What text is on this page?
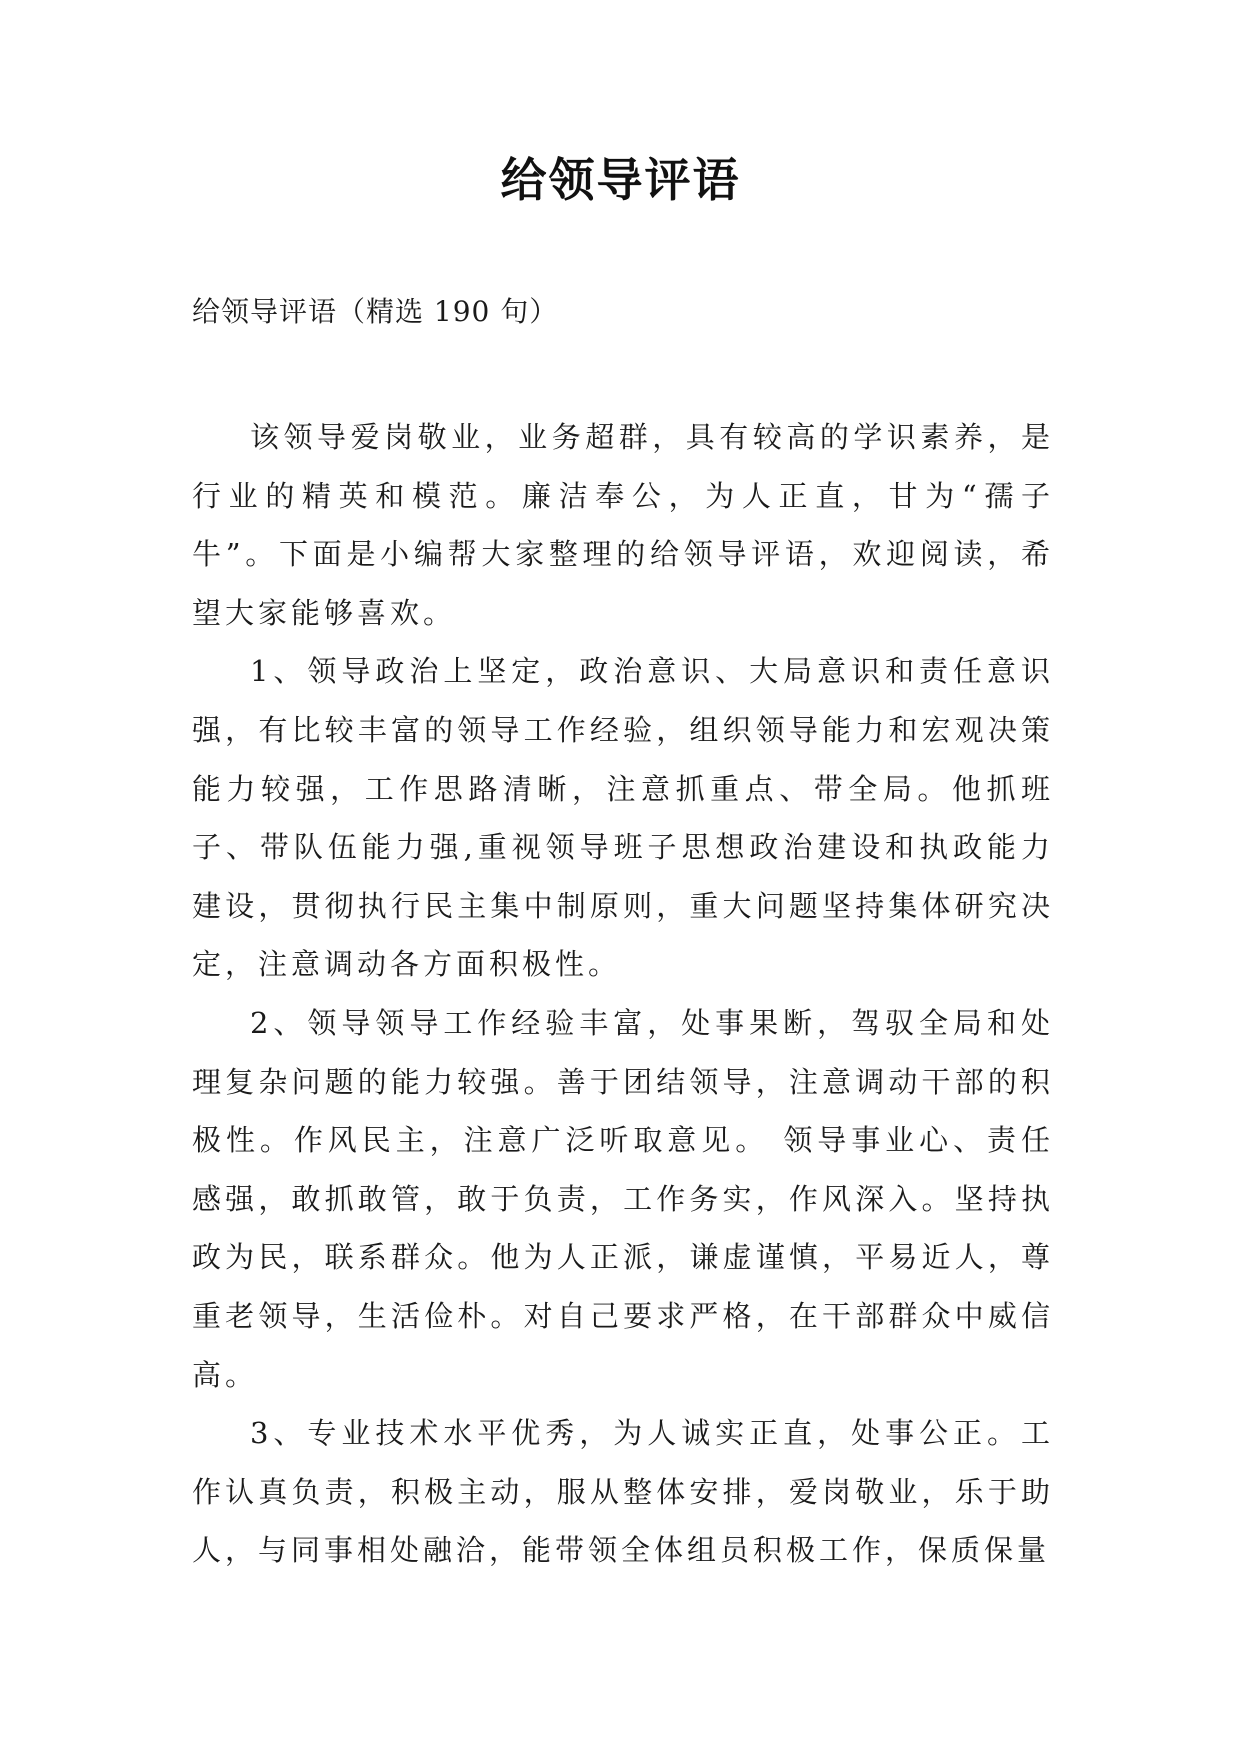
给领导评语
给领导评语（精选 190 句）

该领导爱岗敬业，业务超群，具有较高的学识素养，是行业的精英和模范。廉洁奉公，为人正直，甘为“孺子牛”。下面是小编帮大家整理的给领导评语，欢迎阅读，希望大家能够喜欢。

1、领导政治上坚定，政治意识、大局意识和责任意识强，有比较丰富的领导工作经验，组织领导能力和宏观决策能力较强，工作思路清晰，注意抓重点、带全局。他抓班子、带队伍能力强,重视领导班子思想政治建设和执政能力建设，贯彻执行民主集中制原则，重大问题坚持集体研究决定，注意调动各方面积极性。

2、领导领导工作经验丰富，处事果断，驾驭全局和处理复杂问题的能力较强。善于团结领导，注意调动干部的积极性。作风民主，注意广泛听取意见。 领导事业心、责任感强，敢抓敢管，敢于负责，工作务实，作风深入。坚持执政为民，联系群众。他为人正派，谦虚谨慎，平易近人，尊重老领导，生活俭朴。对自己要求严格，在干部群众中威信高。

3、专业技术水平优秀，为人诚实正直，处事公正。工作认真负责，积极主动，服从整体安排，爱岗敬业，乐于助人，与同事相处融洽，能带领全体组员积极工作，保质保量
